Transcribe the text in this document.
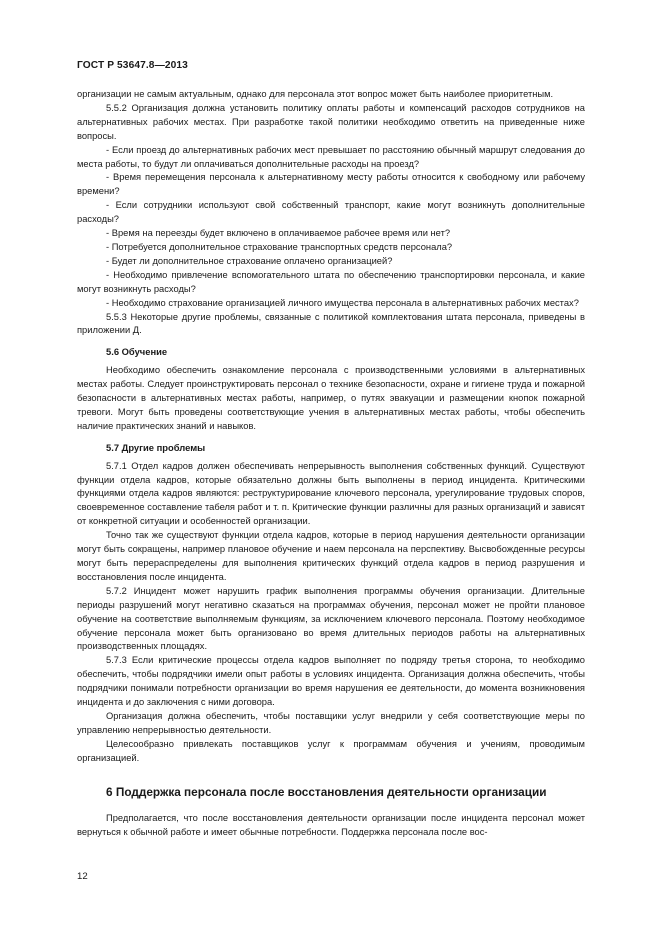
ГОСТ Р 53647.8—2013

организации не самым актуальным, однако для персонала этот вопрос может быть наиболее приоритетным.

5.5.2 Организация должна установить политику оплаты работы и компенсаций расходов сотрудников на альтернативных рабочих местах. При разработке такой политики необходимо ответить на приведенные ниже вопросы.

- Если проезд до альтернативных рабочих мест превышает по расстоянию обычный маршрут следования до места работы, то будут ли оплачиваться дополнительные расходы на проезд?

- Время перемещения персонала к альтернативному месту работы относится к свободному или рабочему времени?

- Если сотрудники используют свой собственный транспорт, какие могут возникнуть дополнительные расходы?

- Время на переезды будет включено в оплачиваемое рабочее время или нет?

- Потребуется дополнительное страхование транспортных средств персонала?

- Будет ли дополнительное страхование оплачено организацией?

- Необходимо привлечение вспомогательного штата по обеспечению транспортировки персонала, и какие могут возникнуть расходы?

- Необходимо страхование организацией личного имущества персонала в альтернативных рабочих местах?

5.5.3 Некоторые другие проблемы, связанные с политикой комплектования штата персонала, приведены в приложении Д.

5.6 Обучение

Необходимо обеспечить ознакомление персонала с производственными условиями в альтернативных местах работы. Следует проинструктировать персонал о технике безопасности, охране и гигиене труда и пожарной безопасности в альтернативных местах работы, например, о путях эвакуации и размещении кнопок пожарной тревоги. Могут быть проведены соответствующие учения в альтернативных местах работы, чтобы обеспечить наличие практических знаний и навыков.

5.7 Другие проблемы

5.7.1 Отдел кадров должен обеспечивать непрерывность выполнения собственных функций. Существуют функции отдела кадров, которые обязательно должны быть выполнены в период инцидента. Критическими функциями отдела кадров являются: реструктурирование ключевого персонала, урегулирование трудовых споров, своевременное составление табеля работ и т. п. Критические функции различны для разных организаций и зависят от конкретной ситуации и особенностей организации.

Точно так же существуют функции отдела кадров, которые в период нарушения деятельности организации могут быть сокращены, например плановое обучение и наем персонала на перспективу. Высвобожденные ресурсы могут быть перераспределены для выполнения критических функций отдела кадров в период разрушения и восстановления после инцидента.

5.7.2 Инцидент может нарушить график выполнения программы обучения организации. Длительные периоды разрушений могут негативно сказаться на программах обучения, персонал может не пройти плановое обучение на соответствие выполняемым функциям, за исключением ключевого персонала. Поэтому необходимое обучение персонала может быть организовано во время длительных периодов работы на альтернативных производственных площадях.

5.7.3 Если критические процессы отдела кадров выполняет по подряду третья сторона, то необходимо обеспечить, чтобы подрядчики имели опыт работы в условиях инцидента. Организация должна обеспечить, чтобы подрядчики понимали потребности организации во время нарушения ее деятельности, до момента возникновения инцидента и до заключения с ними договора.

Организация должна обеспечить, чтобы поставщики услуг внедрили у себя соответствующие меры по управлению непрерывностью деятельности.

Целесообразно привлекать поставщиков услуг к программам обучения и учениям, проводимым организацией.

6 Поддержка персонала после восстановления деятельности организации

Предполагается, что после восстановления деятельности организации после инцидента персонал может вернуться к обычной работе и имеет обычные потребности. Поддержка персонала после вос-

12
